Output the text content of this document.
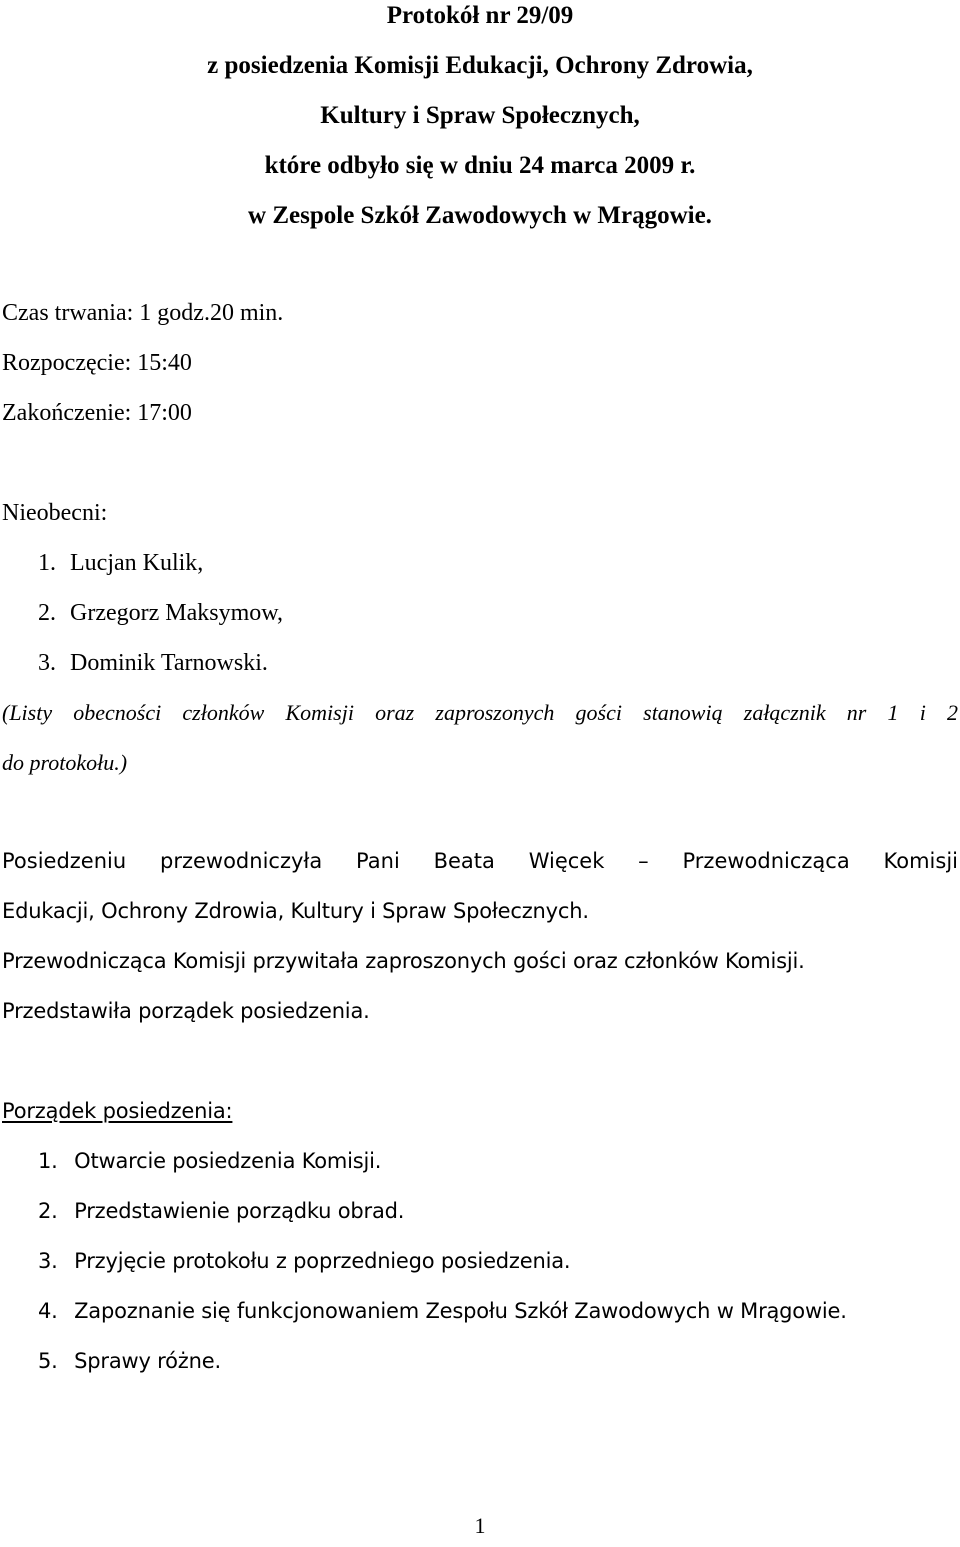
Protokół nr 29/09
z posiedzenia Komisji Edukacji, Ochrony Zdrowia,
Kultury i Spraw Społecznych,
które odbyło się w dniu 24 marca 2009 r.
w Zespole Szkół Zawodowych w Mrągowie.
Czas trwania: 1 godz.20 min.
Rozpoczęcie: 15:40
Zakończenie: 17:00
Nieobecni:
1. Lucjan Kulik,
2. Grzegorz Maksymow,
3. Dominik Tarnowski.
(Listy obecności członków Komisji oraz zaproszonych gości stanowią załącznik nr 1 i 2
do protokołu.)
Posiedzeniu przewodniczyła Pani Beata Więcek – Przewodnicząca Komisji
Edukacji, Ochrony Zdrowia, Kultury i Spraw Społecznych.
Przewodnicząca Komisji przywitała zaproszonych gości oraz członków Komisji.
Przedstawiła porządek posiedzenia.
Porządek posiedzenia:
1. Otwarcie posiedzenia Komisji.
2. Przedstawienie porządku obrad.
3. Przyjęcie protokołu z poprzedniego posiedzenia.
4. Zapoznanie się funkcjonowaniem Zespołu Szkół Zawodowych w Mrągowie.
5. Sprawy różne.
1
